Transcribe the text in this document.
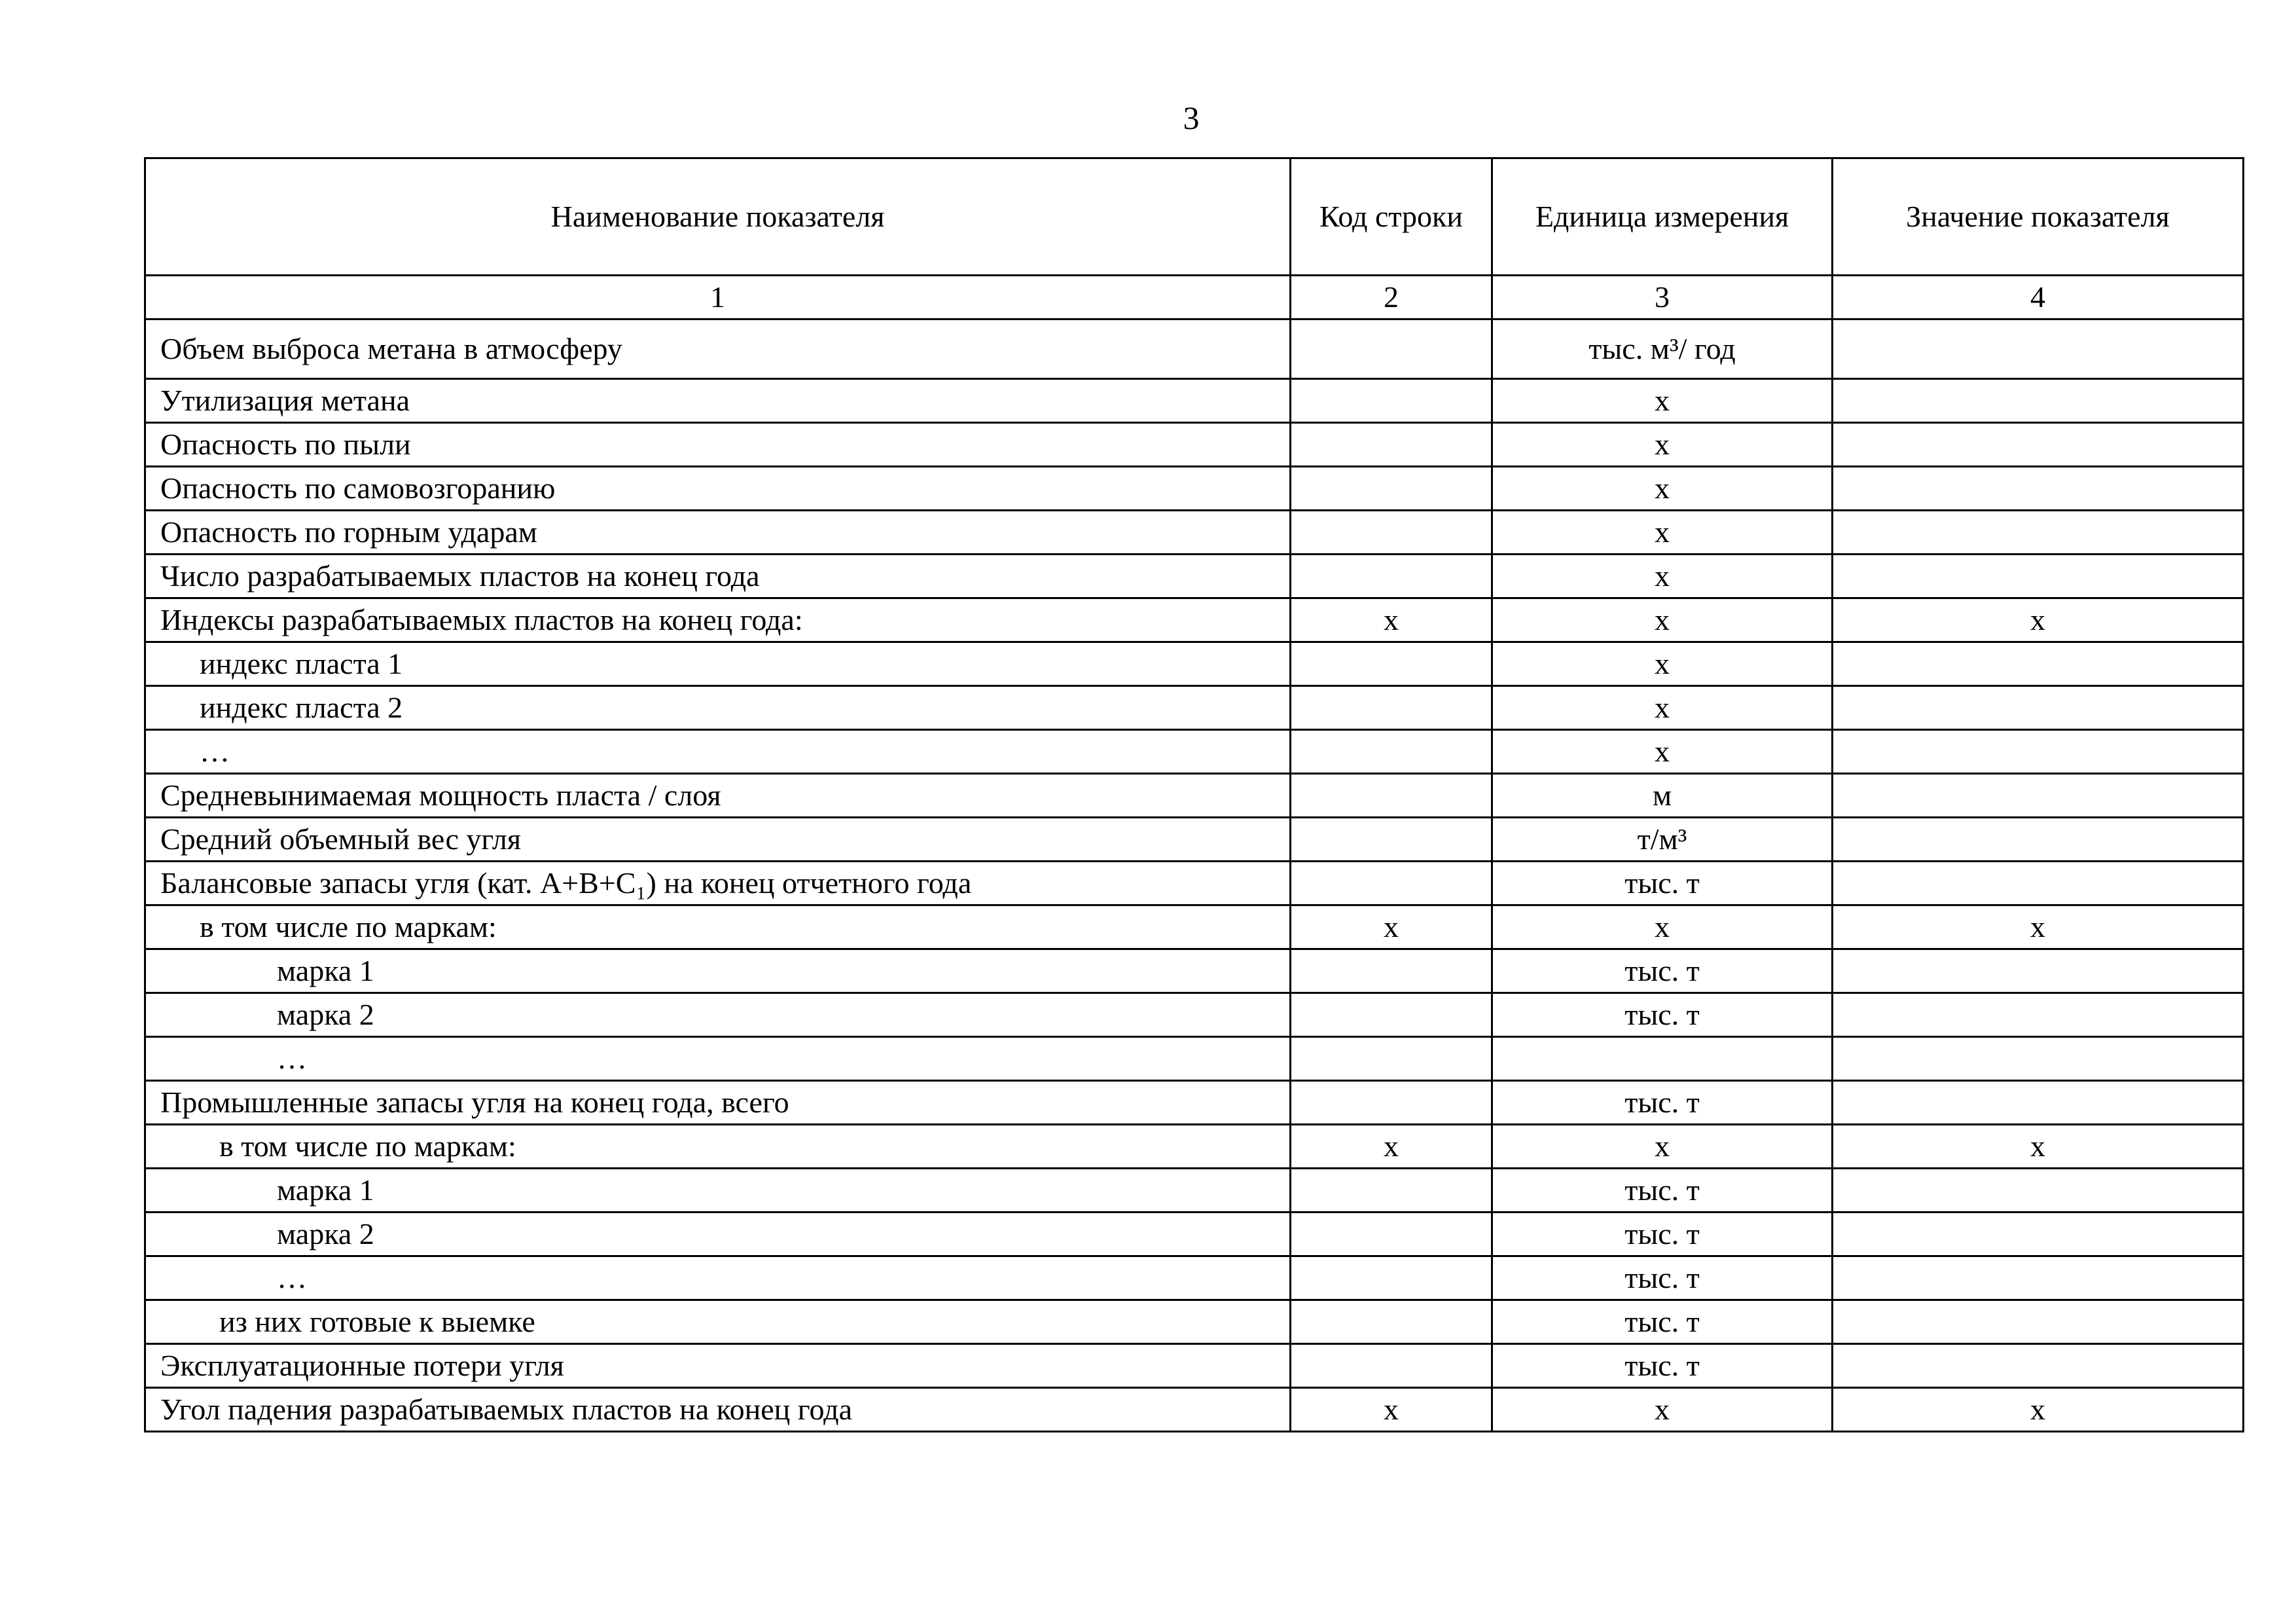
3
Наименование показателя	Код строки	Единица измерения	Значение показателя
1	2	3	4
Объем выброса метана в атмосферу		тыс. м³/ год	
Утилизация метана		х	
Опасность по пыли		х	
Опасность по самовозгоранию		х	
Опасность по горным ударам		х	
Число разрабатываемых пластов на конец года		х	
Индексы разрабатываемых пластов на конец года:	х	х	х
индекс пласта 1		х	
индекс пласта 2		х	
…		х	
Средневынимаемая мощность пласта / слоя		м	
Средний объемный вес угля		т/м³	
Балансовые запасы угля (кат. А+В+С₁) на конец отчетного года		тыс. т	
в том числе по маркам:	х	х	х
марка 1		тыс. т	
марка 2		тыс. т	
…			
Промышленные запасы угля на конец года, всего		тыс. т	
в том числе по маркам:	х	х	х
марка 1		тыс. т	
марка 2		тыс. т	
…		тыс. т	
из них готовые к выемке		тыс. т	
Эксплуатационные потери угля		тыс. т	
Угол падения разрабатываемых пластов на конец года	х	х	х
